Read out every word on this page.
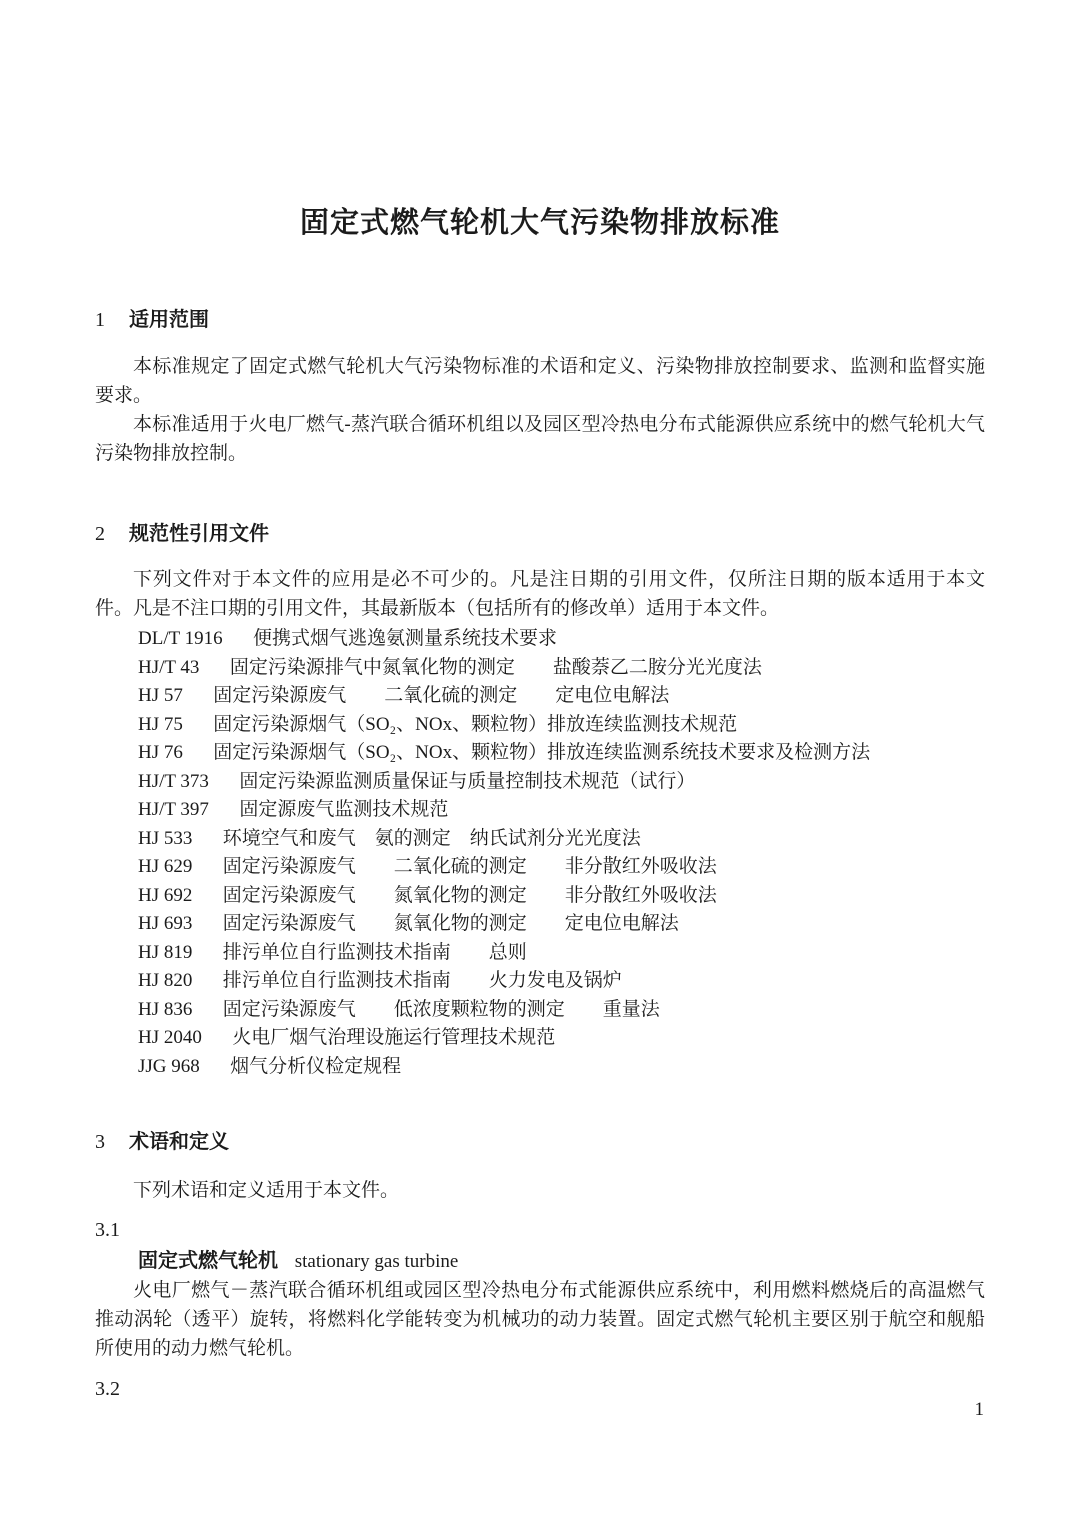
固定式燃气轮机大气污染物排放标准
1	适用范围

本标准规定了固定式燃气轮机大气污染物标准的术语和定义、污染物排放控制要求、监测和监督实施要求。

本标准适用于火电厂燃气-蒸汽联合循环机组以及园区型冷热电分布式能源供应系统中的燃气轮机大气污染物排放控制。

2	规范性引用文件

下列文件对于本文件的应用是必不可少的。凡是注日期的引用文件，仅所注日期的版本适用于本文件。凡是不注口期的引用文件，其最新版本（包括所有的修改单）适用于本文件。

DL/T 1916 便携式烟气逃逸氨测量系统技术要求
HJ/T 43 固定污染源排气中氮氧化物的测定　　盐酸萘乙二胺分光光度法
HJ 57 固定污染源废气　　二氧化硫的测定　　定电位电解法
HJ 75 固定污染源烟气（SO₂、NOx、颗粒物）排放连续监测技术规范
HJ 76 固定污染源烟气（SO₂、NOx、颗粒物）排放连续监测系统技术要求及检测方法
HJ/T 373 固定污染源监测质量保证与质量控制技术规范（试行）
HJ/T 397 固定源废气监测技术规范
HJ 533 环境空气和废气　氨的测定　纳氏试剂分光光度法
HJ 629 固定污染源废气　　二氧化硫的测定　　非分散红外吸收法
HJ 692 固定污染源废气　　氮氧化物的测定　　非分散红外吸收法
HJ 693 固定污染源废气　　氮氧化物的测定　　定电位电解法
HJ 819 排污单位自行监测技术指南　　总则
HJ 820 排污单位自行监测技术指南　　火力发电及锅炉
HJ 836 固定污染源废气　　低浓度颗粒物的测定　　重量法
HJ 2040 火电厂烟气治理设施运行管理技术规范
JJG 968 烟气分析仪检定规程
3	术语和定义

下列术语和定义适用于本文件。

3.1

固定式燃气轮机 stationary gas turbine

火电厂燃气－蒸汽联合循环机组或园区型冷热电分布式能源供应系统中，利用燃料燃烧后的高温燃气推动涡轮（透平）旋转，将燃料化学能转变为机械功的动力装置。固定式燃气轮机主要区别于航空和舰船所使用的动力燃气轮机。

3.2
1
